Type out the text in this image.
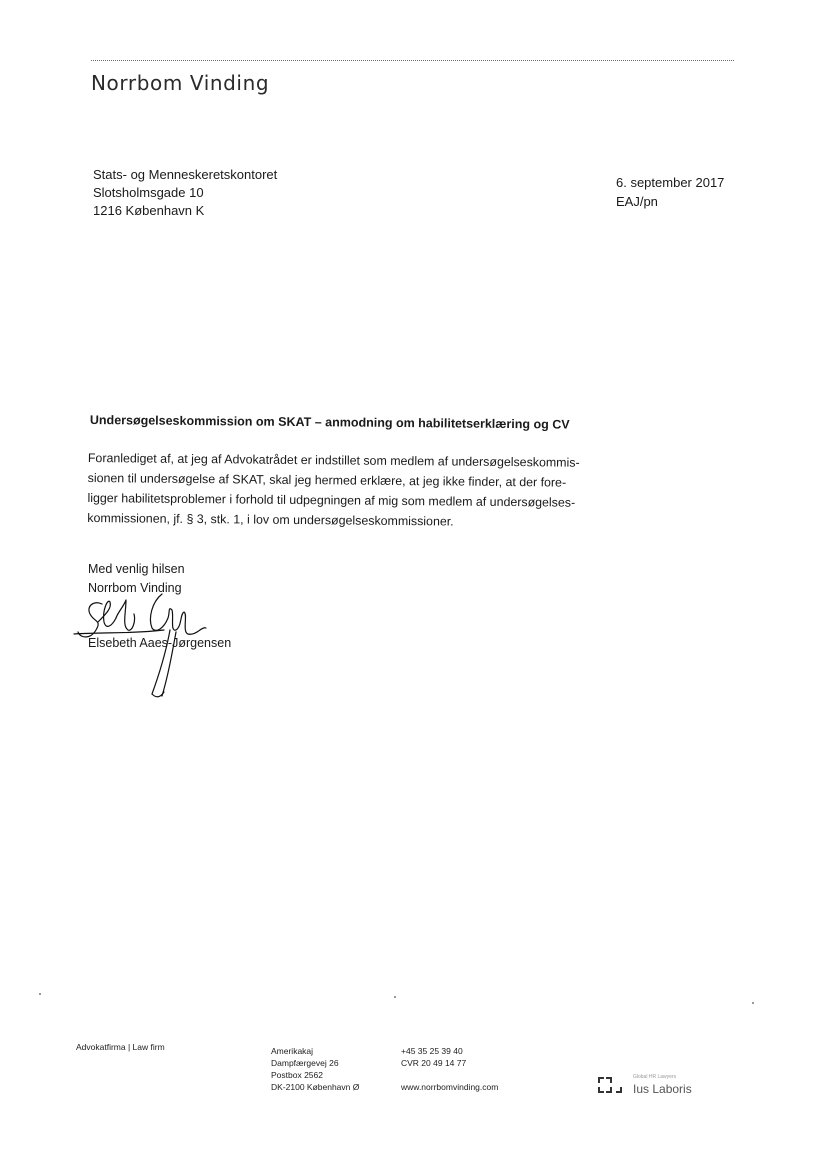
Norrbom Vinding
Stats- og Menneskeretskontoret
Slotsholmsgade 10
1216 København K
6. september 2017
EAJ/pn
Undersøgelseskommission om SKAT – anmodning om habilitetserklæring og CV
Foranlediget af, at jeg af Advokatrådet er indstillet som medlem af undersøgelseskommis-
sionen til undersøgelse af SKAT, skal jeg hermed erklære, at jeg ikke finder, at der fore-
ligger habilitetsproblemer i forhold til udpegningen af mig som medlem af undersøgelses-
kommissionen, jf. § 3, stk. 1, i lov om undersøgelseskommissioner.
Med venlig hilsen
Norrbom Vinding
Elsebeth Aaes-Jørgensen
Advokatfirma | Law firm	Amerikakaj
Dampfærgevej 26
Postbox 2562
DK-2100 København Ø
+45 35 25 39 40
CVR 20 49 14 77
www.norrbomvinding.com
Global HR Lawyers
Ius Laboris
